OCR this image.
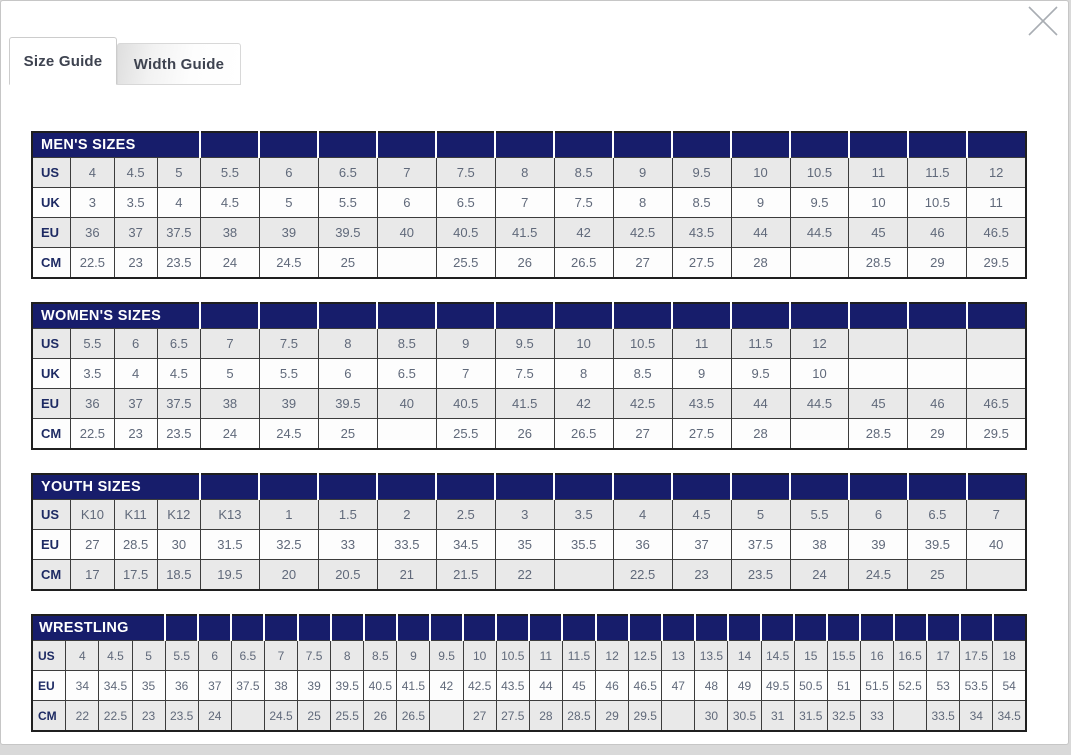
Size Guide Width Guide
MEN'S SIZES																	
US	4	4.5	5	5.5	6	6.5	7	7.5	8	8.5	9	9.5	10	10.5	11	11.5	12
UK	3	3.5	4	4.5	5	5.5	6	6.5	7	7.5	8	8.5	9	9.5	10	10.5	11
EU	36	37	37.5	38	39	39.5	40	40.5	41.5	42	42.5	43.5	44	44.5	45	46	46.5
CM	22.5	23	23.5	24	24.5	25		25.5	26	26.5	27	27.5	28		28.5	29	29.5
WOMEN'S SIZES																	
US	5.5	6	6.5	7	7.5	8	8.5	9	9.5	10	10.5	11	11.5	12			
UK	3.5	4	4.5	5	5.5	6	6.5	7	7.5	8	8.5	9	9.5	10			
EU	36	37	37.5	38	39	39.5	40	40.5	41.5	42	42.5	43.5	44	44.5	45	46	46.5
CM	22.5	23	23.5	24	24.5	25		25.5	26	26.5	27	27.5	28		28.5	29	29.5
YOUTH SIZES																	
US	K10	K11	K12	K13	1	1.5	2	2.5	3	3.5	4	4.5	5	5.5	6	6.5	7
EU	27	28.5	30	31.5	32.5	33	33.5	34.5	35	35.5	36	37	37.5	38	39	39.5	40
CM	17	17.5	18.5	19.5	20	20.5	21	21.5	22		22.5	23	23.5	24	24.5	25	
WRESTLING																													
US	4	4.5	5	5.5	6	6.5	7	7.5	8	8.5	9	9.5	10	10.5	11	11.5	12	12.5	13	13.5	14	14.5	15	15.5	16	16.5	17	17.5	18
EU	34	34.5	35	36	37	37.5	38	39	39.5	40.5	41.5	42	42.5	43.5	44	45	46	46.5	47	48	49	49.5	50.5	51	51.5	52.5	53	53.5	54
CM	22	22.5	23	23.5	24		24.5	25	25.5	26	26.5		27	27.5	28	28.5	29	29.5		30	30.5	31	31.5	32.5	33		33.5	34	34.5
